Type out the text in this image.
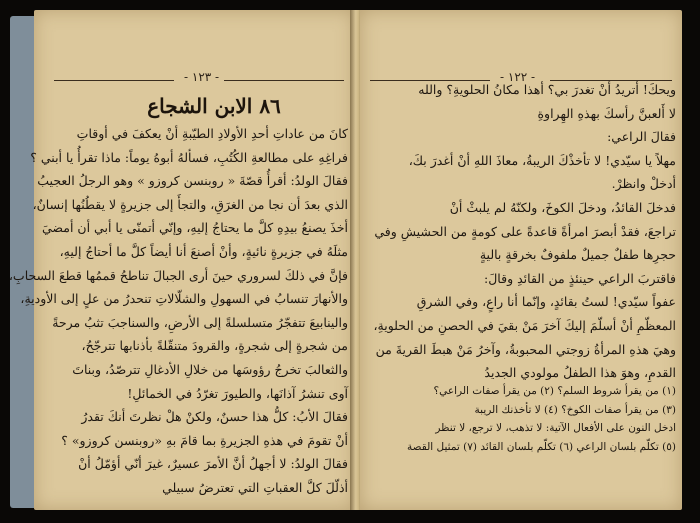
- ١٢٣ -
٨٦ الابن الشجاع
كانَ من عاداتِ أحدِ الأولادِ الطيّبةِ أنْ يعكفَ في أوقاتِ
فراغِهِ على مطالعةِ الكُتُبِ، فسألهُ أبوهُ يوماً: ماذا تقرأُ يا أبني ؟
فقالَ الولدُ: أقرأُ قصّةَ « روبنسن كروزو » وهو الرجلُ العجيبُ
الذي بعدَ أن نجا من الغرَقِ، والتجأَ إلى جزيرةٍ لا يقطُنُها إنسانٌ،
أخذَ يصنعُ بيدِهِ كلَّ ما يحتاجُ إليهِ، وإنّي أتمنّى يا أبي أن أمضيَ
مثلَهُ في جزيرةٍ نائيةٍ، وأنْ أصنعَ أنا أيضاً كلَّ ما أحتاجُ إليهِ،
فإنَّ في ذلكَ لسروري حينَ أرى الجبالَ تناطحُ قممُها قطعَ السحابِ،
والأنهارَ تنسابُ في السهولِ والشلّالاتِ تنحدرُ من علٍ إلى الأوديةِ،
والينابيعَ تتفجّرُ متسلسلةً إلى الأرضِ، والسناجبَ تثبُ مرحةً
من شجرةٍ إلى شجرةٍ، والقرودَ متنقّلةً بأذنابها تترجّحُ،
والثعالبَ تخرجُ رؤوسَها من خلالِ الأدغالِ تترصّدُ، وبناتَ
آوى تنشرُ آذانَها، والطيورَ تغرّدُ في الخمائلِ!
فقالَ الأبُ: كلُّ هذا حسنٌ، ولكنْ هلْ نظرتَ أنكَ تقدرُ
أنْ تقومَ في هذهِ الجزيرةِ بما قامَ بهِ «روبنسن كروزو» ؟
فقالَ الولدُ: لا أجهلُ أنَّ الأمرَ عسيرٌ، غيرَ أنّي أؤمّلُ أنْ
أذلّلَ كلَّ العقباتِ التي تعترضُ سبيلي
- ١٢٢ -
ويحكَ! أتريدُ أنْ تغدرَ بي؟ أهذا مكانُ الحلويةِ؟ والله
لا أَلعبنَّ رأسكَ بهذهِ الهِراوةِ
فقالَ الراعي:
مهلاً يا سيّدي! لا تأخذْكَ الريبةُ، معاذَ اللهِ أنْ أغدرَ بكَ،
أدخلْ وانظرْ.
فدخلَ القائدُ، ودخلَ الكوخَ، ولكنّهُ لم يلبثْ أنْ
تراجعَ، فقدْ أبصرَ امرأةً قاعدةً على كومةٍ من الحشيشِ وفي
حجرِها طفلٌ جميلٌ ملفوفٌ بخرقةٍ باليةٍ
فاقتربَ الراعي حينئذٍ من القائدِ وقالَ:
عفواً سيّدي! لستُ بقائدٍ، وإنّما أنا راعٍ، وفي الشرقِ
المعظّمِ أنْ أسلّمَ إليكَ آخرَ مَنْ بقيَ في الحصنِ من الحلويةِ،
وهيَ هذهِ المرأةُ زوجتي المحبوبةُ، وآخرُ مَنْ هبطَ القريةَ من
القدمِ، وهوَ هذا الطفلُ مولودي الجديدُ
(١) من يقرأ شروط السلم؟ (٢) من يقرأ صفات الراعي؟
(٣) من يقرأ صفات الكوخ؟ (٤) لا تأخذنك الريبة
ادخل النون على الأفعال الآتية: لا تذهب، لا ترجع، لا تنظر
(٥) تكلّم بلسان الراعي (٦) تكلّم بلسان القائد (٧) تمثيل القصة
